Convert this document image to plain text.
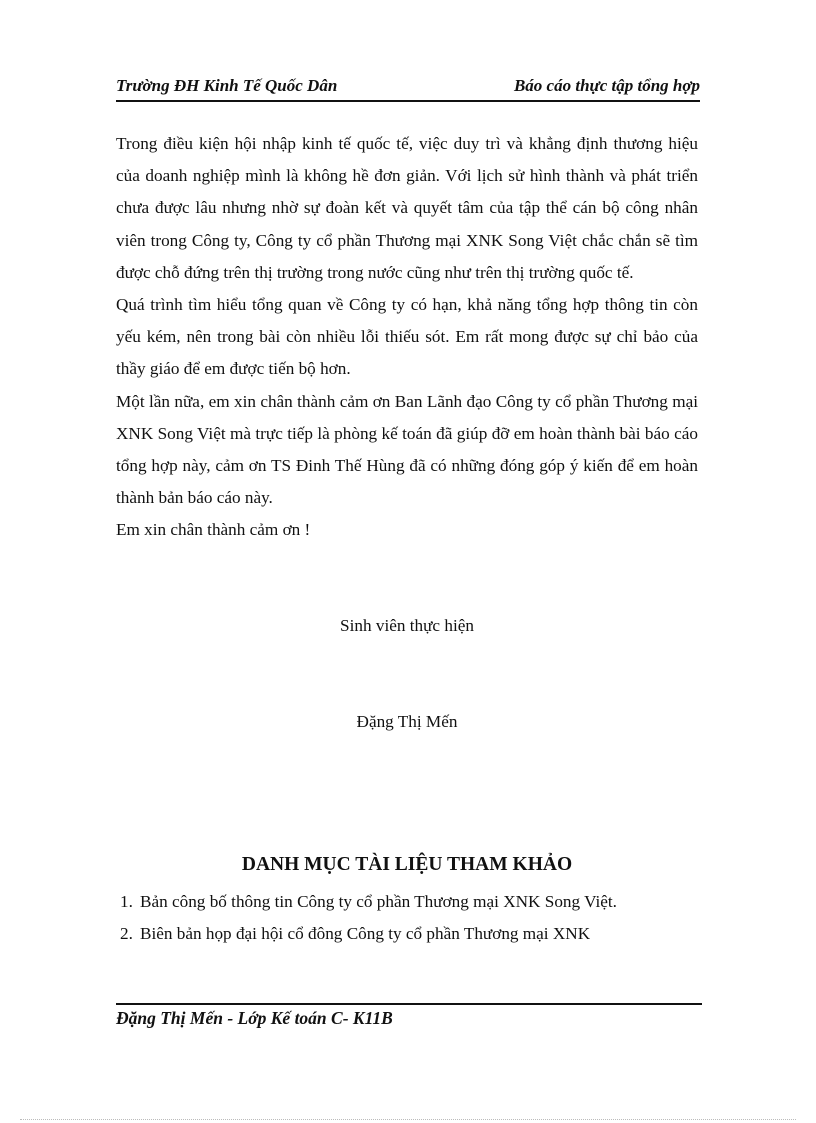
Trường ĐH Kinh Tế Quốc Dân	Báo cáo thực tập tổng hợp

Trong điều kiện hội nhập kinh tế quốc tế, việc duy trì và khẳng định thương hiệu của doanh nghiệp mình là không hề đơn giản. Với lịch sử hình thành và phát triển chưa được lâu nhưng nhờ sự đoàn kết và quyết tâm của tập thể cán bộ công nhân viên trong Công ty, Công ty cổ phần Thương mại XNK Song Việt chắc chắn sẽ tìm được chỗ đứng trên thị trường trong nước cũng như trên thị trường quốc tế.

Quá trình tìm hiểu tổng quan về Công ty có hạn, khả năng tổng hợp thông tin còn yếu kém, nên trong bài còn nhiều lỗi thiếu sót. Em rất mong được sự chỉ bảo của thầy giáo để em được tiến bộ hơn.

Một lần nữa, em xin chân thành cảm ơn Ban Lãnh đạo Công ty cổ phần Thương mại XNK Song Việt mà trực tiếp là phòng kế toán đã giúp đỡ em hoàn thành bài báo cáo tổng hợp này, cảm ơn TS Đinh Thế Hùng đã có những đóng góp ý kiến để em hoàn thành bản báo cáo này.

Em xin chân thành cảm ơn !

Sinh viên thực hiện
Đặng Thị Mến
DANH MỤC TÀI LIỆU THAM KHẢO
1. Bản công bố thông tin Công ty cổ phần Thương mại XNK Song Việt.
2. Biên bản họp đại hội cổ đông Công ty cổ phần Thương mại XNK
Đặng Thị Mến - Lớp Kế toán C- K11B
